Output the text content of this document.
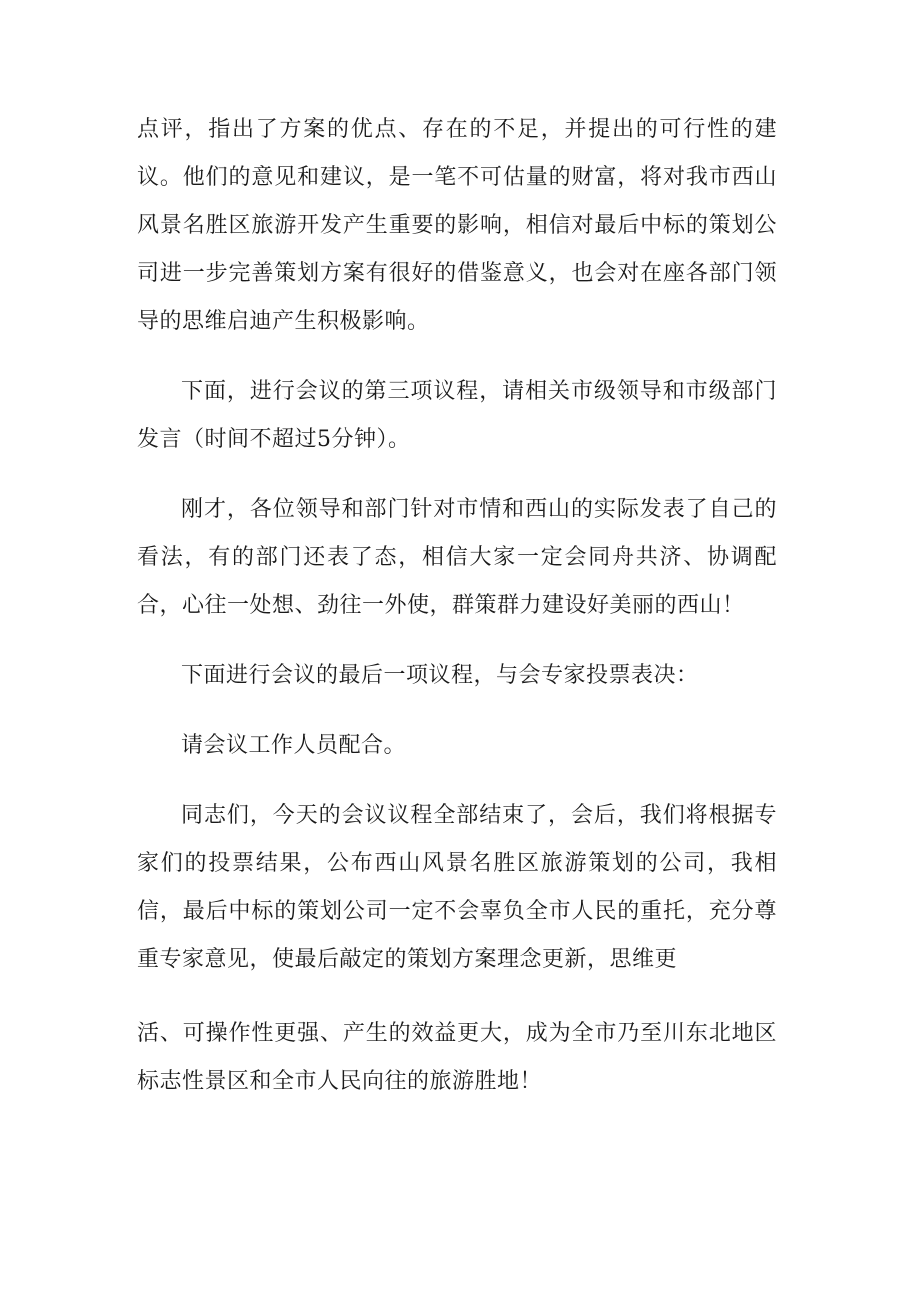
点评，指出了方案的优点、存在的不足，并提出的可行性的建议。他们的意见和建议，是一笔不可估量的财富，将对我市西山风景名胜区旅游开发产生重要的影响，相信对最后中标的策划公司进一步完善策划方案有很好的借鉴意义，也会对在座各部门领导的思维启迪产生积极影响。

下面，进行会议的第三项议程，请相关市级领导和市级部门发言（时间不超过5分钟）。

刚才，各位领导和部门针对市情和西山的实际发表了自己的看法，有的部门还表了态，相信大家一定会同舟共济、协调配合，心往一处想、劲往一外使，群策群力建设好美丽的西山！

下面进行会议的最后一项议程，与会专家投票表决：

请会议工作人员配合。

同志们，今天的会议议程全部结束了，会后，我们将根据专家们的投票结果，公布西山风景名胜区旅游策划的公司，我相信，最后中标的策划公司一定不会辜负全市人民的重托，充分尊重专家意见，使最后敲定的策划方案理念更新，思维更

活、可操作性更强、产生的效益更大，成为全市乃至川东北地区标志性景区和全市人民向往的旅游胜地！
